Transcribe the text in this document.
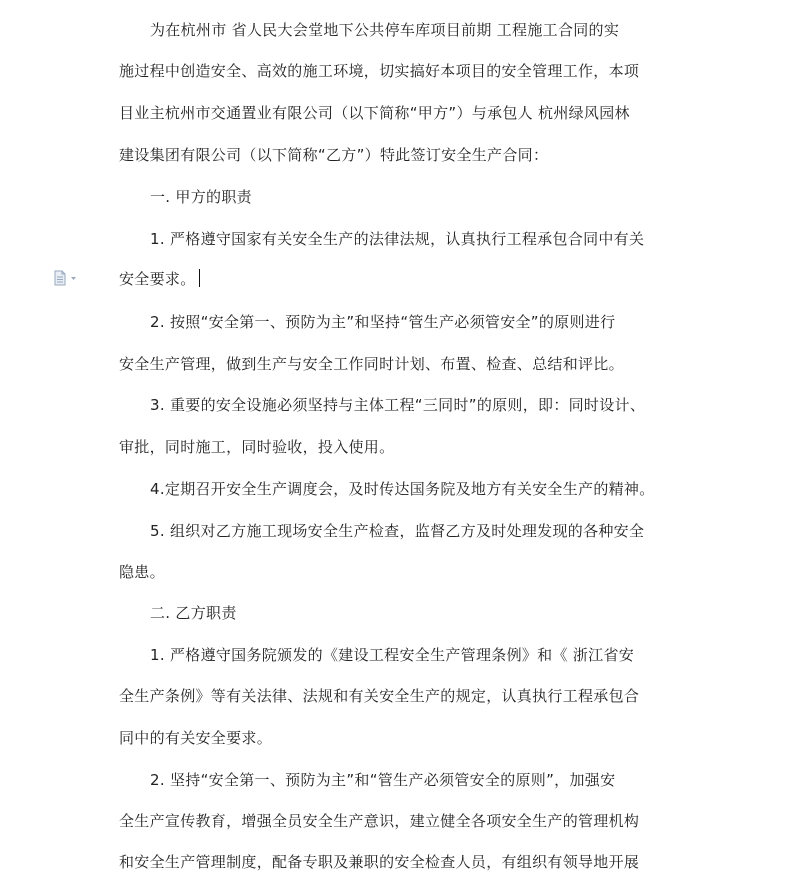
为在杭州市 省人民大会堂地下公共停车库项目前期 工程施工合同的实
施过程中创造安全、高效的施工环境，切实搞好本项目的安全管理工作，本项
目业主杭州市交通置业有限公司（以下简称“甲方”）与承包人 杭州绿风园林
建设集团有限公司（以下简称“乙方”）特此签订安全生产合同：
一. 甲方的职责
1. 严格遵守国家有关安全生产的法律法规，认真执行工程承包合同中有关
安全要求。
2. 按照“安全第一、预防为主”和坚持“管生产必须管安全”的原则进行
安全生产管理，做到生产与安全工作同时计划、布置、检查、总结和评比。
3. 重要的安全设施必须坚持与主体工程“三同时”的原则，即：同时设计、
审批，同时施工，同时验收，投入使用。
4.定期召开安全生产调度会，及时传达国务院及地方有关安全生产的精神。
5. 组织对乙方施工现场安全生产检查，监督乙方及时处理发现的各种安全
隐患。
二. 乙方职责
1. 严格遵守国务院颁发的《建设工程安全生产管理条例》和《 浙江省安
全生产条例》等有关法律、法规和有关安全生产的规定，认真执行工程承包合
同中的有关安全要求。
2. 坚持“安全第一、预防为主”和“管生产必须管安全的原则”，加强安
全生产宣传教育，增强全员安全生产意识，建立健全各项安全生产的管理机构
和安全生产管理制度，配备专职及兼职的安全检查人员，有组织有领导地开展
